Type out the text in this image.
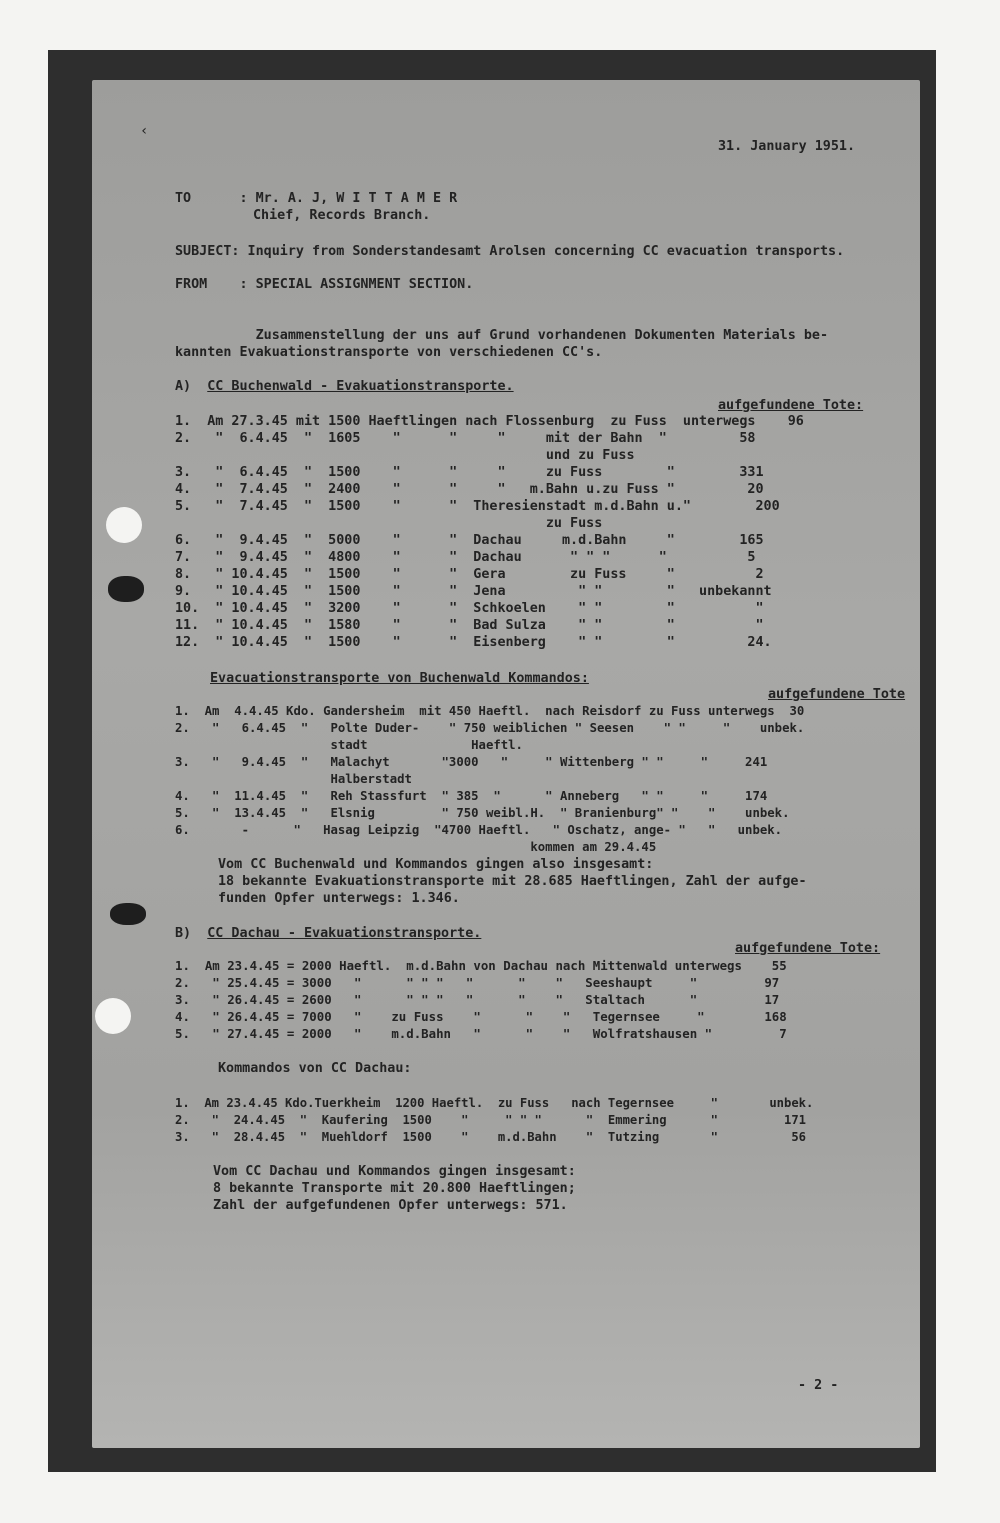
‹
31. January 1951.
TO      : Mr. A. J, W I T T A M E R
Chief, Records Branch.
SUBJECT: Inquiry from Sonderstandesamt Arolsen concerning CC evacuation transports.
FROM    : SPECIAL ASSIGNMENT SECTION.
Zusammenstellung der uns auf Grund vorhandenen Dokumenten Materials be-
kannten Evakuationstransporte von verschiedenen CC's.
A)  CC Buchenwald - Evakuationstransporte.
aufgefundene Tote:
1.  Am 27.3.45 mit 1500 Haeftlingen nach Flossenburg  zu Fuss  unterwegs    96
2.   "  6.4.45  "  1605    "      "     "     mit der Bahn  "         58
und zu Fuss
3.   "  6.4.45  "  1500    "      "     "     zu Fuss        "        331
4.   "  7.4.45  "  2400    "      "     "   m.Bahn u.zu Fuss "         20
5.   "  7.4.45  "  1500    "      "  Theresienstadt m.d.Bahn u."        200
zu Fuss
6.   "  9.4.45  "  5000    "      "  Dachau     m.d.Bahn     "        165
7.   "  9.4.45  "  4800    "      "  Dachau      " " "      "          5
8.   " 10.4.45  "  1500    "      "  Gera        zu Fuss     "          2
9.   " 10.4.45  "  1500    "      "  Jena         " "        "   unbekannt
10.  " 10.4.45  "  3200    "      "  Schkoelen    " "        "          "
11.  " 10.4.45  "  1580    "      "  Bad Sulza    " "        "          "
12.  " 10.4.45  "  1500    "      "  Eisenberg    " "        "         24.
Evacuationstransporte von Buchenwald Kommandos:
aufgefundene Tote
1.  Am  4.4.45 Kdo. Gandersheim  mit 450 Haeftl.  nach Reisdorf zu Fuss unterwegs  30
2.   "   6.4.45  "   Polte Duder-    " 750 weiblichen " Seesen    " "     "    unbek.
stadt              Haeftl.
3.   "   9.4.45  "   Malachyt       "3000   "     " Wittenberg " "     "     241
Halberstadt
4.   "  11.4.45  "   Reh Stassfurt  " 385  "      " Anneberg   " "     "     174
5.   "  13.4.45  "   Elsnig         " 750 weibl.H.  " Branienburg" "    "    unbek.
6.       -      "   Hasag Leipzig  "4700 Haeftl.   " Oschatz, ange- "   "   unbek.
kommen am 29.4.45
Vom CC Buchenwald und Kommandos gingen also insgesamt:
18 bekannte Evakuationstransporte mit 28.685 Haeftlingen, Zahl der aufge-
funden Opfer unterwegs: 1.346.
B)  CC Dachau - Evakuationstransporte.
aufgefundene Tote:
1.  Am 23.4.45 = 2000 Haeftl.  m.d.Bahn von Dachau nach Mittenwald unterwegs    55
2.   " 25.4.45 = 3000   "      " " "   "      "    "   Seeshaupt     "         97
3.   " 26.4.45 = 2600   "      " " "   "      "    "   Staltach      "         17
4.   " 26.4.45 = 7000   "    zu Fuss    "      "    "   Tegernsee     "        168
5.   " 27.4.45 = 2000   "    m.d.Bahn   "      "    "   Wolfratshausen "         7
Kommandos von CC Dachau:
1.  Am 23.4.45 Kdo.Tuerkheim  1200 Haeftl.  zu Fuss   nach Tegernsee     "       unbek.
2.   "  24.4.45  "  Kaufering  1500    "     " " "      "  Emmering      "         171
3.   "  28.4.45  "  Muehldorf  1500    "    m.d.Bahn    "  Tutzing       "          56
Vom CC Dachau und Kommandos gingen insgesamt:
8 bekannte Transporte mit 20.800 Haeftlingen;
Zahl der aufgefundenen Opfer unterwegs: 571.
- 2 -
